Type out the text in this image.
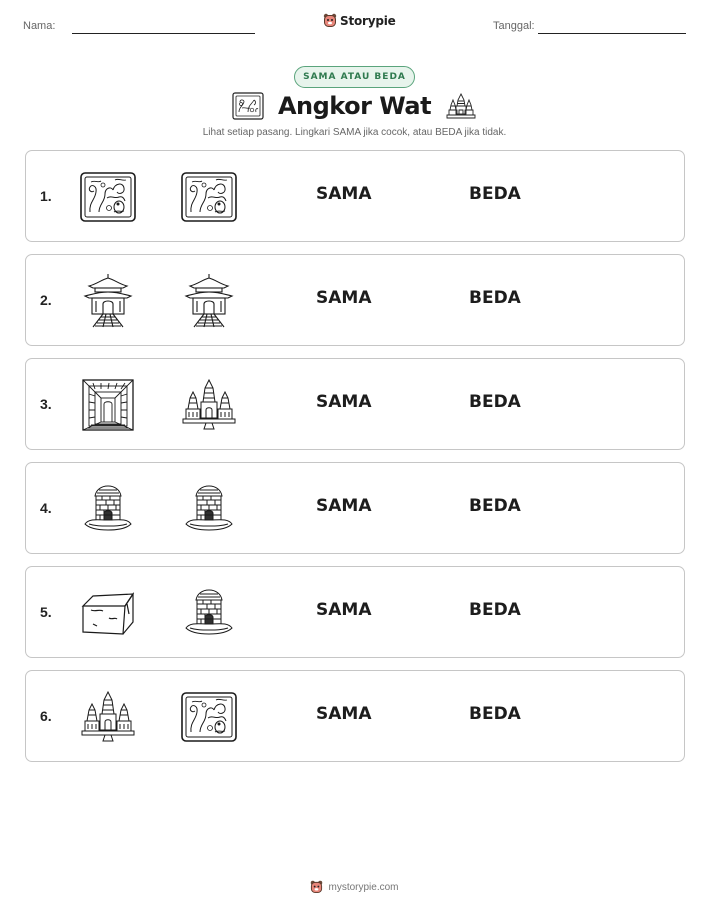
Nama:	Storypie	Tanggal:
SAMA ATAU BEDA
Angkor Wat
Lihat setiap pasang. Lingkari SAMA jika cocok, atau BEDA jika tidak.
1.	SAMA	BEDA
2.	SAMA	BEDA
3.	SAMA	BEDA
4.	SAMA	BEDA
5.	SAMA	BEDA
6.	SAMA	BEDA
mystorypie.com
